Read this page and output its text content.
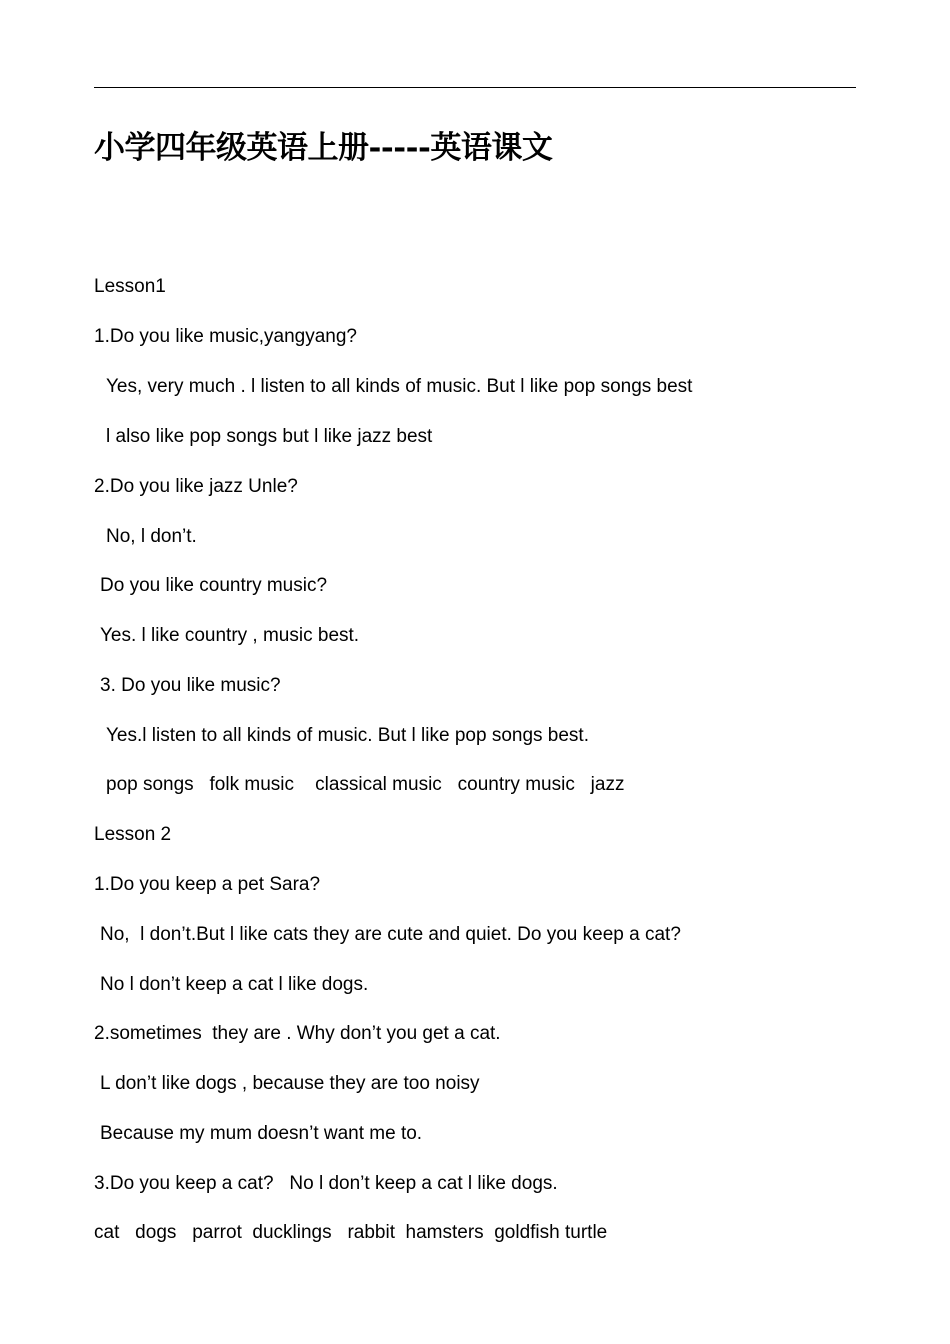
小学四年级英语上册-----英语课文
Lesson1
1.Do you like music,yangyang?
Yes, very much . l listen to all kinds of music. But l like pop songs best
l also like pop songs but l like jazz best
2.Do you like jazz Unle?
No, l don’t.
Do you like country music?
Yes. l like country , music best.
3. Do you like music?
Yes.l listen to all kinds of music. But l like pop songs best.
pop songs   folk music    classical music   country music   jazz
Lesson 2
1.Do you keep a pet Sara?
No,  l don’t.But l like cats they are cute and quiet. Do you keep a cat?
No l don’t keep a cat l like dogs.
2.sometimes  they are . Why don’t you get a cat.
L don’t like dogs , because they are too noisy
Because my mum doesn’t want me to.
3.Do you keep a cat?   No l don’t keep a cat l like dogs.
cat   dogs   parrot  ducklings   rabbit  hamsters  goldfish turtle
